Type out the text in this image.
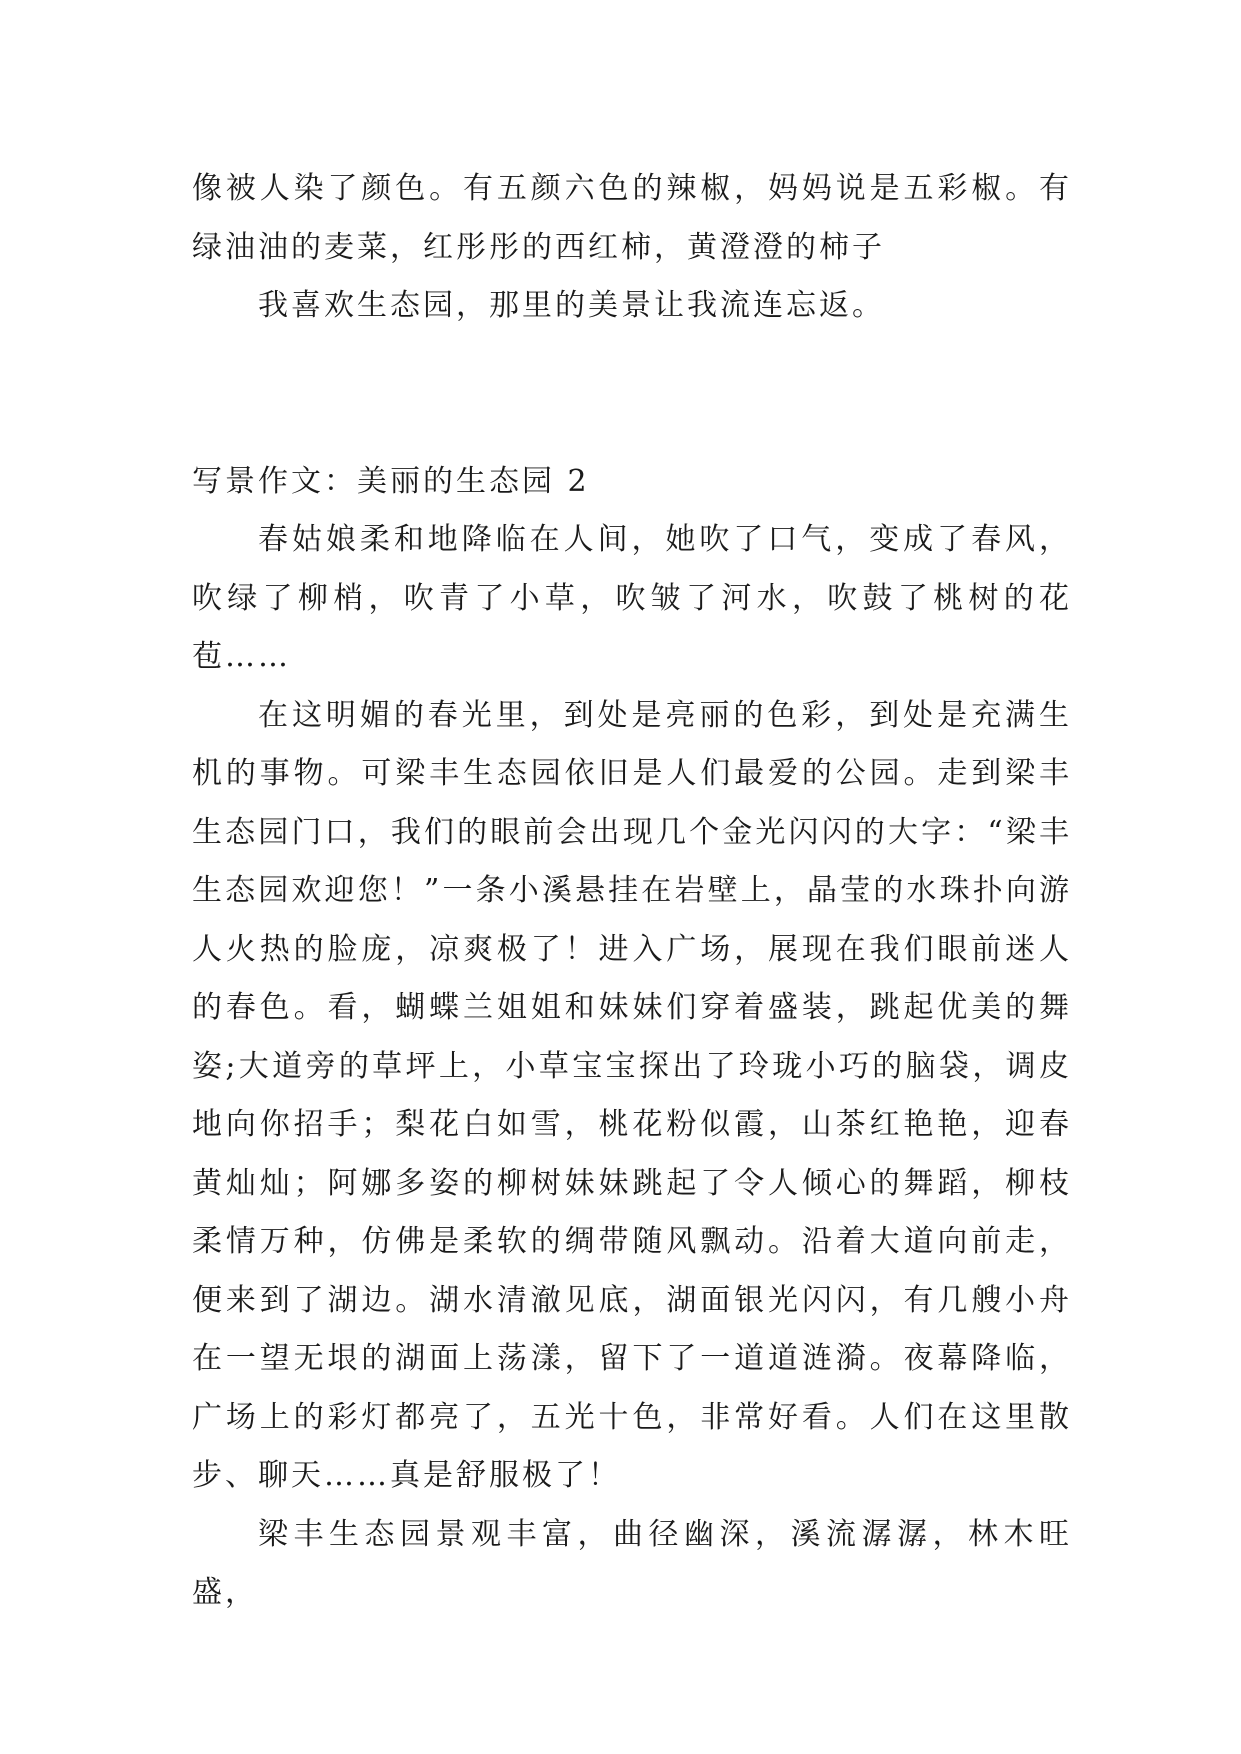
像被人染了颜色。有五颜六色的辣椒，妈妈说是五彩椒。有绿油油的麦菜，红彤彤的西红柿，黄澄澄的柿子

我喜欢生态园，那里的美景让我流连忘返。

写景作文：美丽的生态园 2

春姑娘柔和地降临在人间，她吹了口气，变成了春风，吹绿了柳梢，吹青了小草，吹皱了河水，吹鼓了桃树的花苞……

在这明媚的春光里，到处是亮丽的色彩，到处是充满生机的事物。可梁丰生态园依旧是人们最爱的公园。走到梁丰生态园门口，我们的眼前会出现几个金光闪闪的大字：“梁丰生态园欢迎您！”一条小溪悬挂在岩壁上，晶莹的水珠扑向游人火热的脸庞，凉爽极了！进入广场，展现在我们眼前迷人的春色。看，蝴蝶兰姐姐和妹妹们穿着盛装，跳起优美的舞姿;大道旁的草坪上，小草宝宝探出了玲珑小巧的脑袋，调皮地向你招手；梨花白如雪，桃花粉似霞，山茶红艳艳，迎春黄灿灿；阿娜多姿的柳树妹妹跳起了令人倾心的舞蹈，柳枝柔情万种，仿佛是柔软的绸带随风飘动。沿着大道向前走，便来到了湖边。湖水清澈见底，湖面银光闪闪，有几艘小舟在一望无垠的湖面上荡漾，留下了一道道涟漪。夜幕降临，广场上的彩灯都亮了，五光十色，非常好看。人们在这里散步、聊天……真是舒服极了！

梁丰生态园景观丰富，曲径幽深，溪流潺潺，林木旺盛，
